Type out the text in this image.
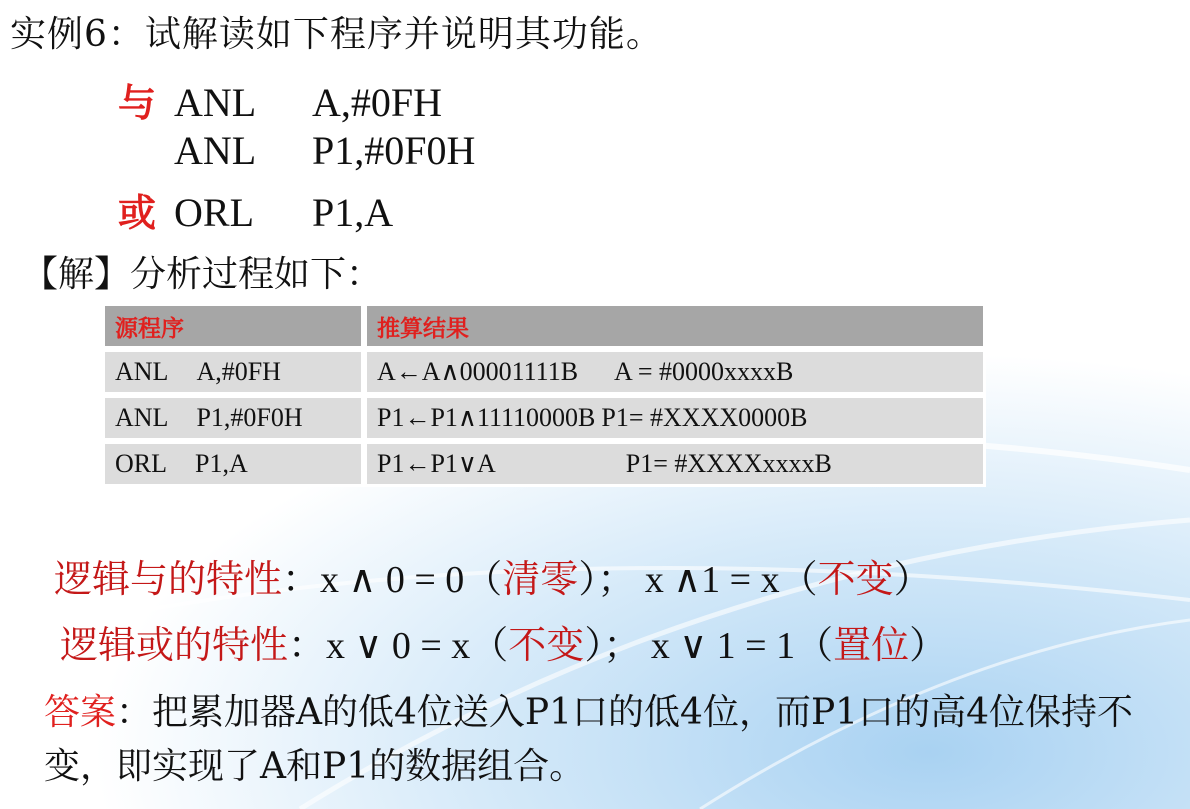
实例6：试解读如下程序并说明其功能。
与 ANL A,#0FH
ANL P1,#0F0H
或 ORL P1,A
【解】分析过程如下：
源程序	推算结果
ANL A,#0FH	A←A∧00001111B A = #0000xxxxB
ANL P1,#0F0H	P1←P1∧11110000B P1= #XXXX0000B
ORL P1,A	P1←P1∨A P1= #XXXXxxxxB
逻辑与的特性：x ∧ 0 = 0（清零）； x ∧1 = x（不变）
逻辑或的特性：x ∨ 0 = x（不变）； x ∨ 1 = 1（置位）
答案：把累加器A的低4位送入P1口的低4位，而P1口的高4位保持不变，即实现了A和P1的数据组合。
